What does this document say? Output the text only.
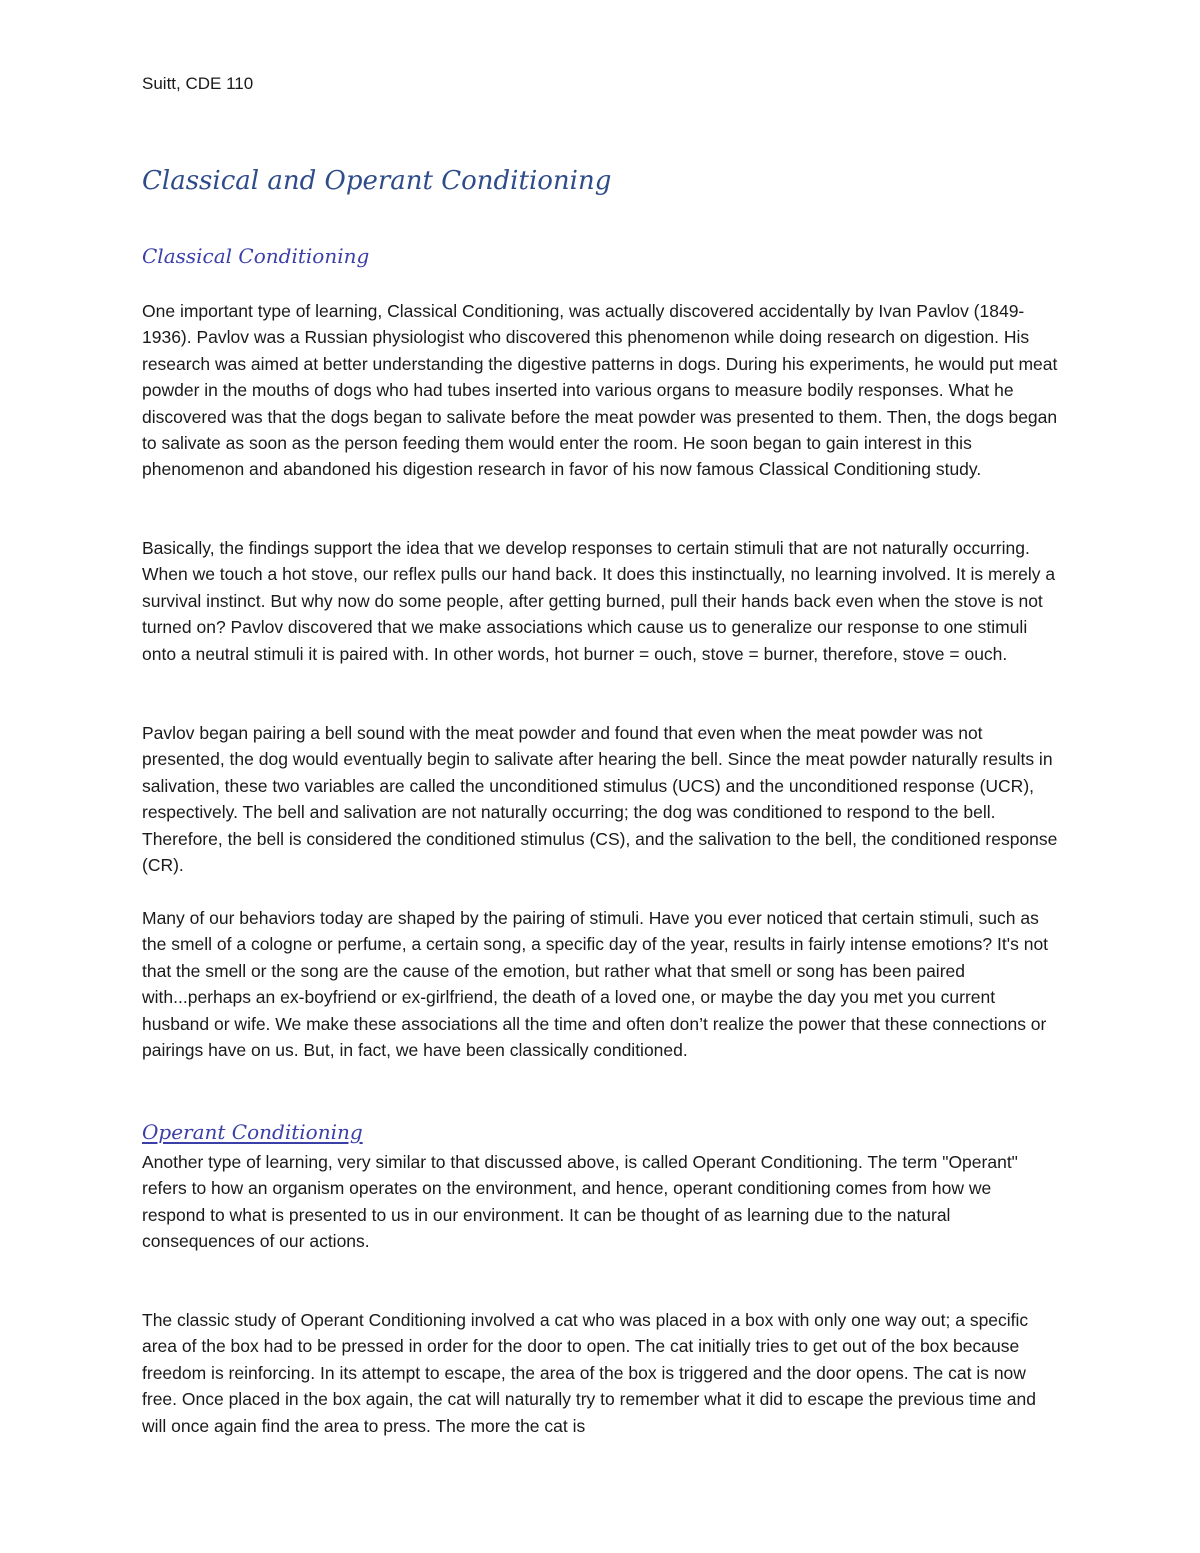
Suitt, CDE 110
Classical and Operant Conditioning
Classical Conditioning

One important type of learning, Classical Conditioning, was actually discovered accidentally by Ivan Pavlov (1849-1936). Pavlov was a Russian physiologist who discovered this phenomenon while doing research on digestion. His research was aimed at better understanding the digestive patterns in dogs. During his experiments, he would put meat powder in the mouths of dogs who had tubes inserted into various organs to measure bodily responses. What he discovered was that the dogs began to salivate before the meat powder was presented to them. Then, the dogs began to salivate as soon as the person feeding them would enter the room. He soon began to gain interest in this phenomenon and abandoned his digestion research in favor of his now famous Classical Conditioning study.

Basically, the findings support the idea that we develop responses to certain stimuli that are not naturally occurring. When we touch a hot stove, our reflex pulls our hand back. It does this instinctually, no learning involved. It is merely a survival instinct. But why now do some people, after getting burned, pull their hands back even when the stove is not turned on? Pavlov discovered that we make associations which cause us to generalize our response to one stimuli onto a neutral stimuli it is paired with. In other words, hot burner = ouch, stove = burner, therefore, stove = ouch.

Pavlov began pairing a bell sound with the meat powder and found that even when the meat powder was not presented, the dog would eventually begin to salivate after hearing the bell. Since the meat powder naturally results in salivation, these two variables are called the unconditioned stimulus (UCS) and the unconditioned response (UCR), respectively. The bell and salivation are not naturally occurring; the dog was conditioned to respond to the bell. Therefore, the bell is considered the conditioned stimulus (CS), and the salivation to the bell, the conditioned response (CR).

Many of our behaviors today are shaped by the pairing of stimuli. Have you ever noticed that certain stimuli, such as the smell of a cologne or perfume, a certain song, a specific day of the year, results in fairly intense emotions? It's not that the smell or the song are the cause of the emotion, but rather what that smell or song has been paired with...perhaps an ex-boyfriend or ex-girlfriend, the death of a loved one, or maybe the day you met you current husband or wife. We make these associations all the time and often don’t realize the power that these connections or pairings have on us. But, in fact, we have been classically conditioned.

Operant Conditioning

Another type of learning, very similar to that discussed above, is called Operant Conditioning. The term "Operant" refers to how an organism operates on the environment, and hence, operant conditioning comes from how we respond to what is presented to us in our environment. It can be thought of as learning due to the natural consequences of our actions.

The classic study of Operant Conditioning involved a cat who was placed in a box with only one way out; a specific area of the box had to be pressed in order for the door to open. The cat initially tries to get out of the box because freedom is reinforcing. In its attempt to escape, the area of the box is triggered and the door opens. The cat is now free. Once placed in the box again, the cat will naturally try to remember what it did to escape the previous time and will once again find the area to press. The more the cat is
